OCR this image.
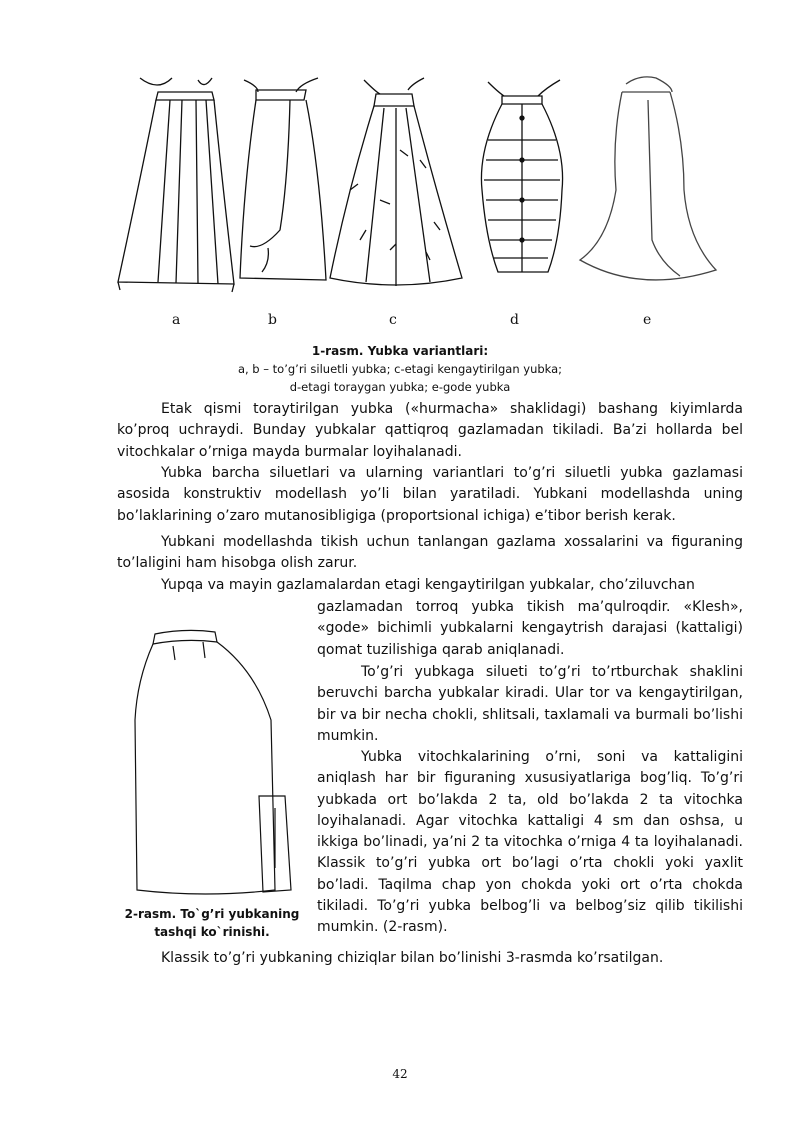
a	b	c	d	e
1-rasm. Yubka variantlari:
a, b – to’g’ri siluetli yubka; c-etagi kengaytirilgan yubka;
d-etagi toraygan yubka; e-gode yubka
Etak qismi toraytirilgan yubka («hurmacha» shaklidagi) bashang kiyimlarda ko’proq uchraydi. Bunday yubkalar qattiqroq gazlamadan tikiladi. Ba’zi hollarda bel vitochkalar o’rniga mayda burmalar loyihalanadi.
Yubka barcha siluetlari va ularning variantlari to’g’ri siluetli yubka gazlamasi asosida konstruktiv modellash yo’li bilan yaratiladi. Yubkani modellashda uning bo’laklarining o’zaro mutanosibligiga (proportsional ichiga) e’tibor berish kerak.
Yubkani modellashda tikish uchun tanlangan gazlama xossalarini va figuraning to’laligini ham hisobga olish zarur.
Yupqa va mayin gazlamalardan etagi kengaytirilgan yubkalar, cho’ziluvchan
gazlamadan torroq yubka tikish ma’qulroqdir. «Klesh», «gode» bichimli yubkalarni kengaytrish darajasi (kattaligi) qomat tuzilishiga qarab aniqlanadi.
To’g’ri yubkaga silueti to’g’ri to’rtburchak shaklini beruvchi barcha yubkalar kiradi. Ular tor va kengaytirilgan, bir va bir necha chokli, shlitsali, taxlamali va burmali bo’lishi mumkin.
Yubka vitochkalarining o’rni, soni va kattaligini aniqlash har bir figuraning xususiyatlariga bog’liq. To’g’ri yubkada ort bo’lakda 2 ta, old bo’lakda 2 ta vitochka loyihalanadi. Agar vitochka kattaligi 4 sm dan oshsa, u ikkiga bo’linadi, ya’ni 2 ta vitochka o’rniga 4 ta loyihalanadi. Klassik to’g’ri yubka ort bo’lagi o’rta chokli yoki yaxlit bo’ladi. Taqilma chap yon chokda yoki ort o’rta chokda tikiladi. To’g’ri yubka belbog’li va belbog’siz qilib tikilishi mumkin. (2-rasm).
Klassik to’g’ri yubkaning chiziqlar bilan bo’linishi 3-rasmda ko’rsatilgan.
2-rasm. To`g’ri yubkaning tashqi ko`rinishi.
42
